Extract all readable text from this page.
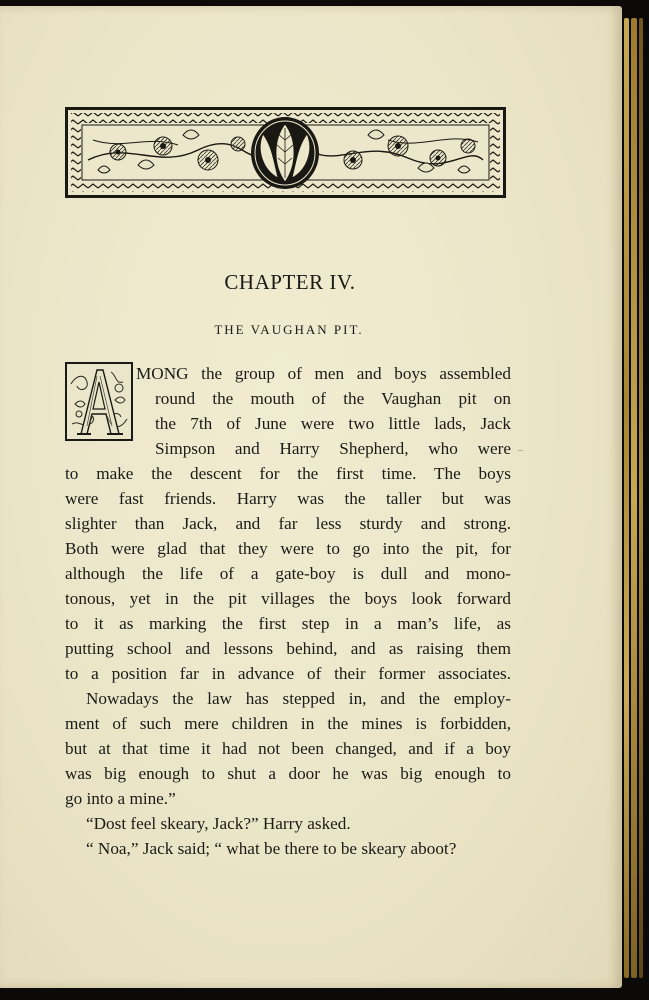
CHAPTER IV.
THE VAUGHAN PIT.
MONG the group of men and boys assembled
round the mouth of the Vaughan pit on
the 7th of June were two little lads, Jack
Simpson and Harry Shepherd, who were
to make the descent for the first time. The boys
were fast friends. Harry was the taller but was
slighter than Jack, and far less sturdy and strong.
Both were glad that they were to go into the pit, for
although the life of a gate-boy is dull and mono-
tonous, yet in the pit villages the boys look forward
to it as marking the first step in a man’s life, as
putting school and lessons behind, and as raising them
to a position far in advance of their former associates.
Nowadays the law has stepped in, and the employ-
ment of such mere children in the mines is forbidden,
but at that time it had not been changed, and if a boy
was big enough to shut a door he was big enough to
go into a mine.”
“Dost feel skeary, Jack?” Harry asked.
“ Noa,” Jack said; “ what be there to be skeary aboot?
